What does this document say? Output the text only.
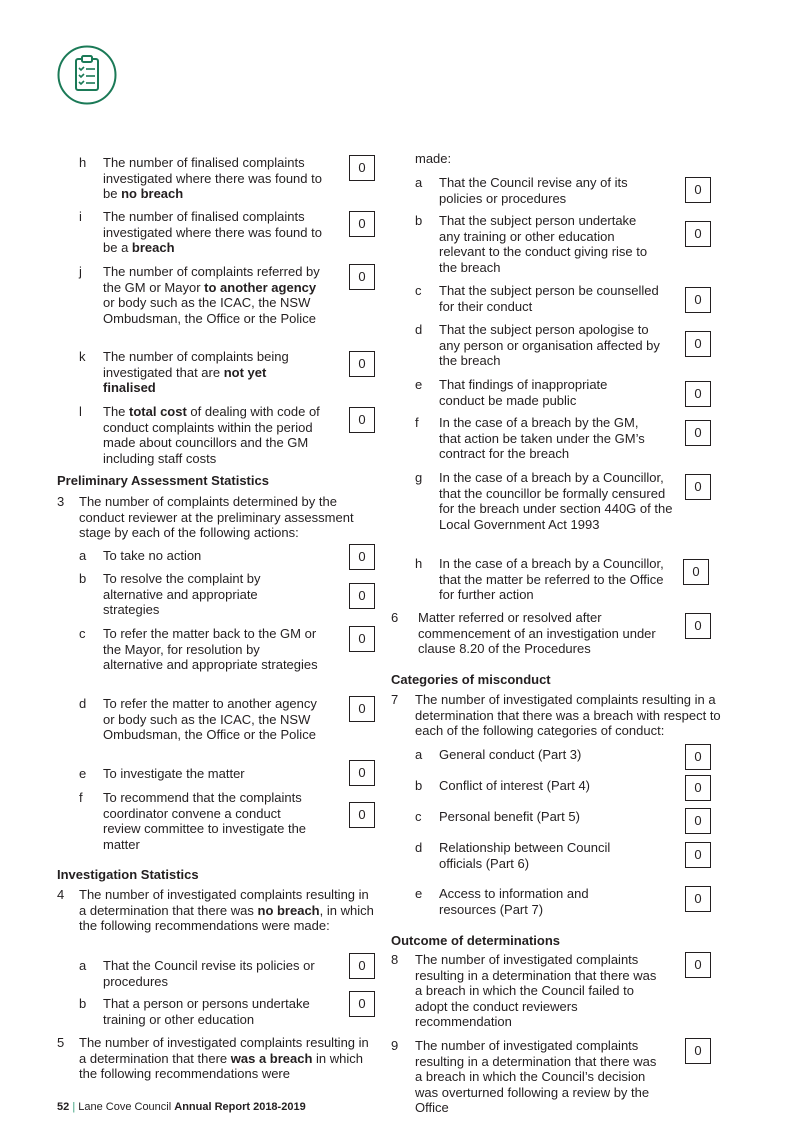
h The number of finalised complaints investigated where there was found to be no breach
0
i The number of finalised complaints investigated where there was found to be a breach
0
j The number of complaints referred by the GM or Mayor to another agency or body such as the ICAC, the NSW Ombudsman, the Office or the Police
0
k The number of complaints being investigated that are not yet finalised
0
l The total cost of dealing with code of conduct complaints within the period made about councillors and the GM including staff costs
0
Preliminary Assessment Statistics
3 The number of complaints determined by the conduct reviewer at the preliminary assessment stage by each of the following actions:
a To take no action	0
b To resolve the complaint by alternative and appropriate strategies
0
c To refer the matter back to the GM or the Mayor, for resolution by alternative and appropriate strategies
0
d To refer the matter to another agency or body such as the ICAC, the NSW Ombudsman, the Office or the Police
0
e To investigate the matter	0
f To recommend that the complaints coordinator convene a conduct review committee to investigate the matter
0
Investigation Statistics
4 The number of investigated complaints resulting in a determination that there was no breach, in which the following recommendations were made:
a That the Council revise its policies or procedures
0
b That a person or persons undertake training or other education
0
5 The number of investigated complaints resulting in a determination that there was a breach in which the following recommendations were
made:
a That the Council revise any of its policies or procedures
0
b That the subject person undertake any training or other education relevant to the conduct giving rise to the breach
0
c That the subject person be counselled for their conduct	0
d That the subject person apologise to any person or organisation affected by the breach
0
e That findings of inappropriate conduct be made public	0
f In the case of a breach by the GM, that action be taken under the GM’s contract for the breach
0
g In the case of a breach by a Councillor, that the councillor be formally censured for the breach under section 440G of the Local Government Act 1993
0
h In the case of a breach by a Councillor, that the matter be referred to the Office for further action
0
6 Matter referred or resolved after commencement of an investigation under clause 8.20 of the Procedures
0
Categories of misconduct
7 The number of investigated complaints resulting in a determination that there was a breach with respect to each of the following categories of conduct:
a General conduct (Part 3)	0
b Conflict of interest (Part 4)	0
c Personal benefit (Part 5)	0
d Relationship between Council officials (Part 6)
0
e Access to information and resources (Part 7)
0
Outcome of determinations
8 The number of investigated complaints resulting in a determination that there was a breach in which the Council failed to adopt the conduct reviewers recommendation
0
9 The number of investigated complaints resulting in a determination that there was a breach in which the Council’s decision was overturned following a review by the Office
0
52 | Lane Cove Council Annual Report 2018-2019
